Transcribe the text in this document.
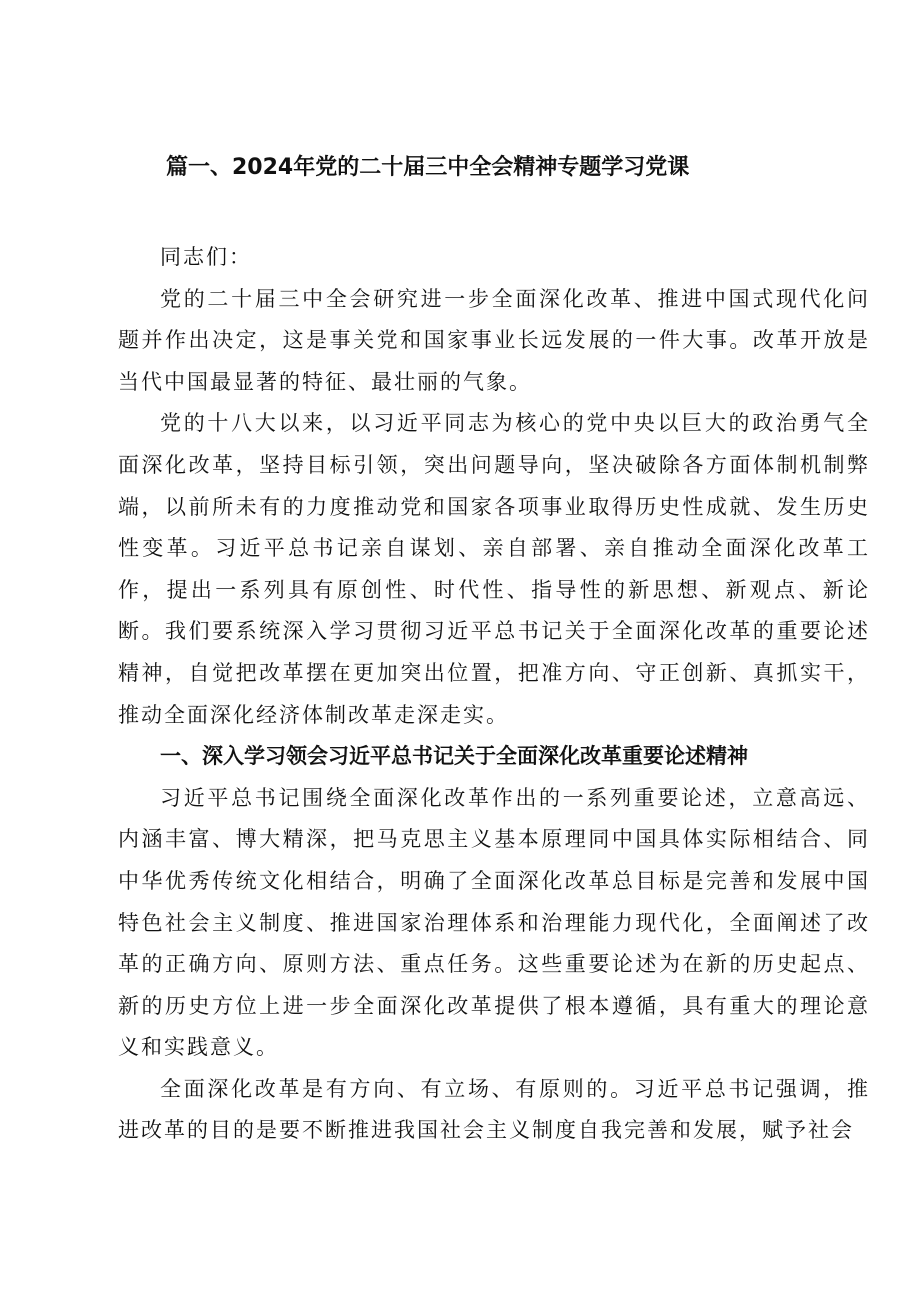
篇一、2024年党的二十届三中全会精神专题学习党课

同志们：

党的二十届三中全会研究进一步全面深化改革、推进中国式现代化问题并作出决定，这是事关党和国家事业长远发展的一件大事。改革开放是当代中国最显著的特征、最壮丽的气象。

党的十八大以来，以习近平同志为核心的党中央以巨大的政治勇气全面深化改革，坚持目标引领，突出问题导向，坚决破除各方面体制机制弊端，以前所未有的力度推动党和国家各项事业取得历史性成就、发生历史性变革。习近平总书记亲自谋划、亲自部署、亲自推动全面深化改革工作，提出一系列具有原创性、时代性、指导性的新思想、新观点、新论断。我们要系统深入学习贯彻习近平总书记关于全面深化改革的重要论述精神，自觉把改革摆在更加突出位置，把准方向、守正创新、真抓实干，推动全面深化经济体制改革走深走实。

一、深入学习领会习近平总书记关于全面深化改革重要论述精神

习近平总书记围绕全面深化改革作出的一系列重要论述，立意高远、内涵丰富、博大精深，把马克思主义基本原理同中国具体实际相结合、同中华优秀传统文化相结合，明确了全面深化改革总目标是完善和发展中国特色社会主义制度、推进国家治理体系和治理能力现代化，全面阐述了改革的正确方向、原则方法、重点任务。这些重要论述为在新的历史起点、新的历史方位上进一步全面深化改革提供了根本遵循，具有重大的理论意义和实践意义。

全面深化改革是有方向、有立场、有原则的。习近平总书记强调，推进改革的目的是要不断推进我国社会主义制度自我完善和发展，赋予社会
